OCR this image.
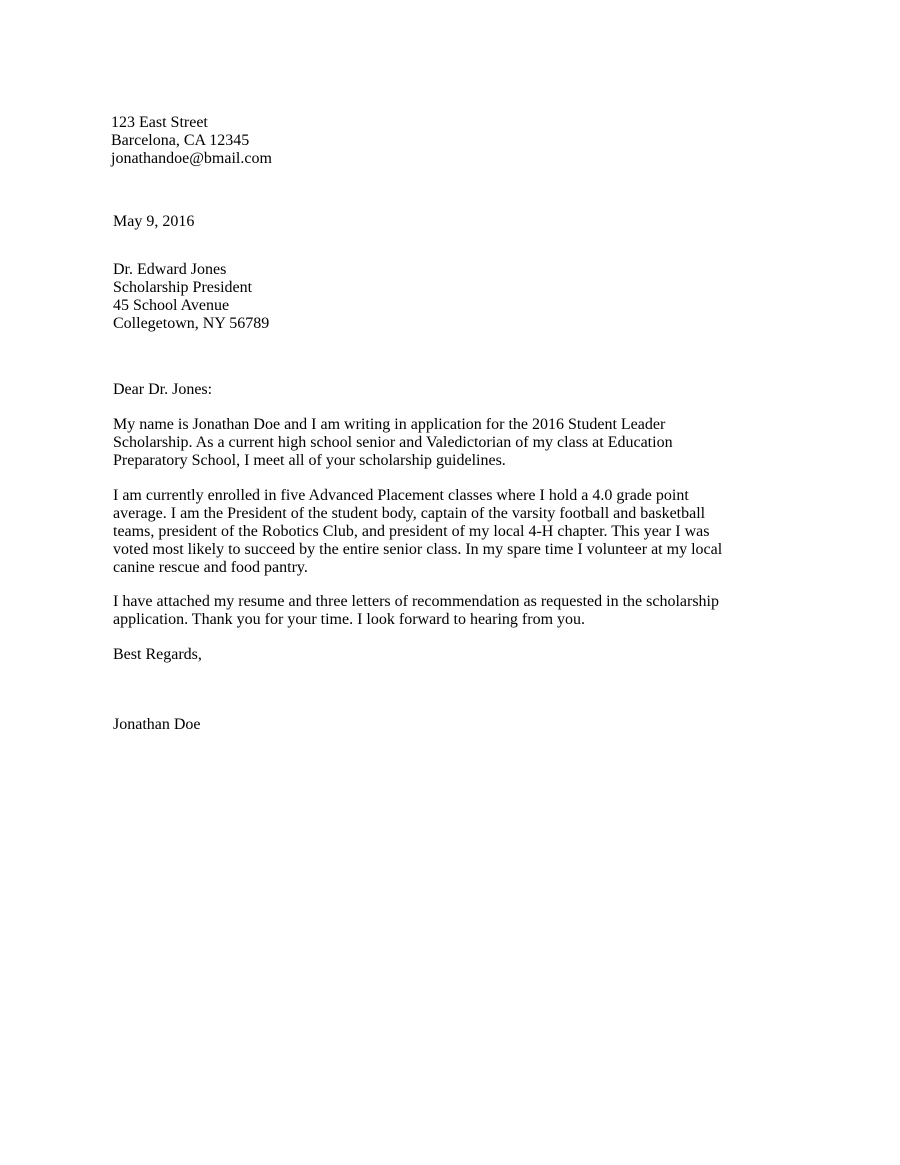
123 East Street
Barcelona, CA 12345
jonathandoe@bmail.com
May 9, 2016
Dr. Edward Jones
Scholarship President
45 School Avenue
Collegetown, NY 56789
Dear Dr. Jones:
My name is Jonathan Doe and I am writing in application for the 2016 Student Leader
Scholarship. As a current high school senior and Valedictorian of my class at Education
Preparatory School, I meet all of your scholarship guidelines.
I am currently enrolled in five Advanced Placement classes where I hold a 4.0 grade point
average. I am the President of the student body, captain of the varsity football and basketball
teams, president of the Robotics Club, and president of my local 4-H chapter. This year I was
voted most likely to succeed by the entire senior class. In my spare time I volunteer at my local
canine rescue and food pantry.
I have attached my resume and three letters of recommendation as requested in the scholarship
application. Thank you for your time. I look forward to hearing from you.
Best Regards,
Jonathan Doe
